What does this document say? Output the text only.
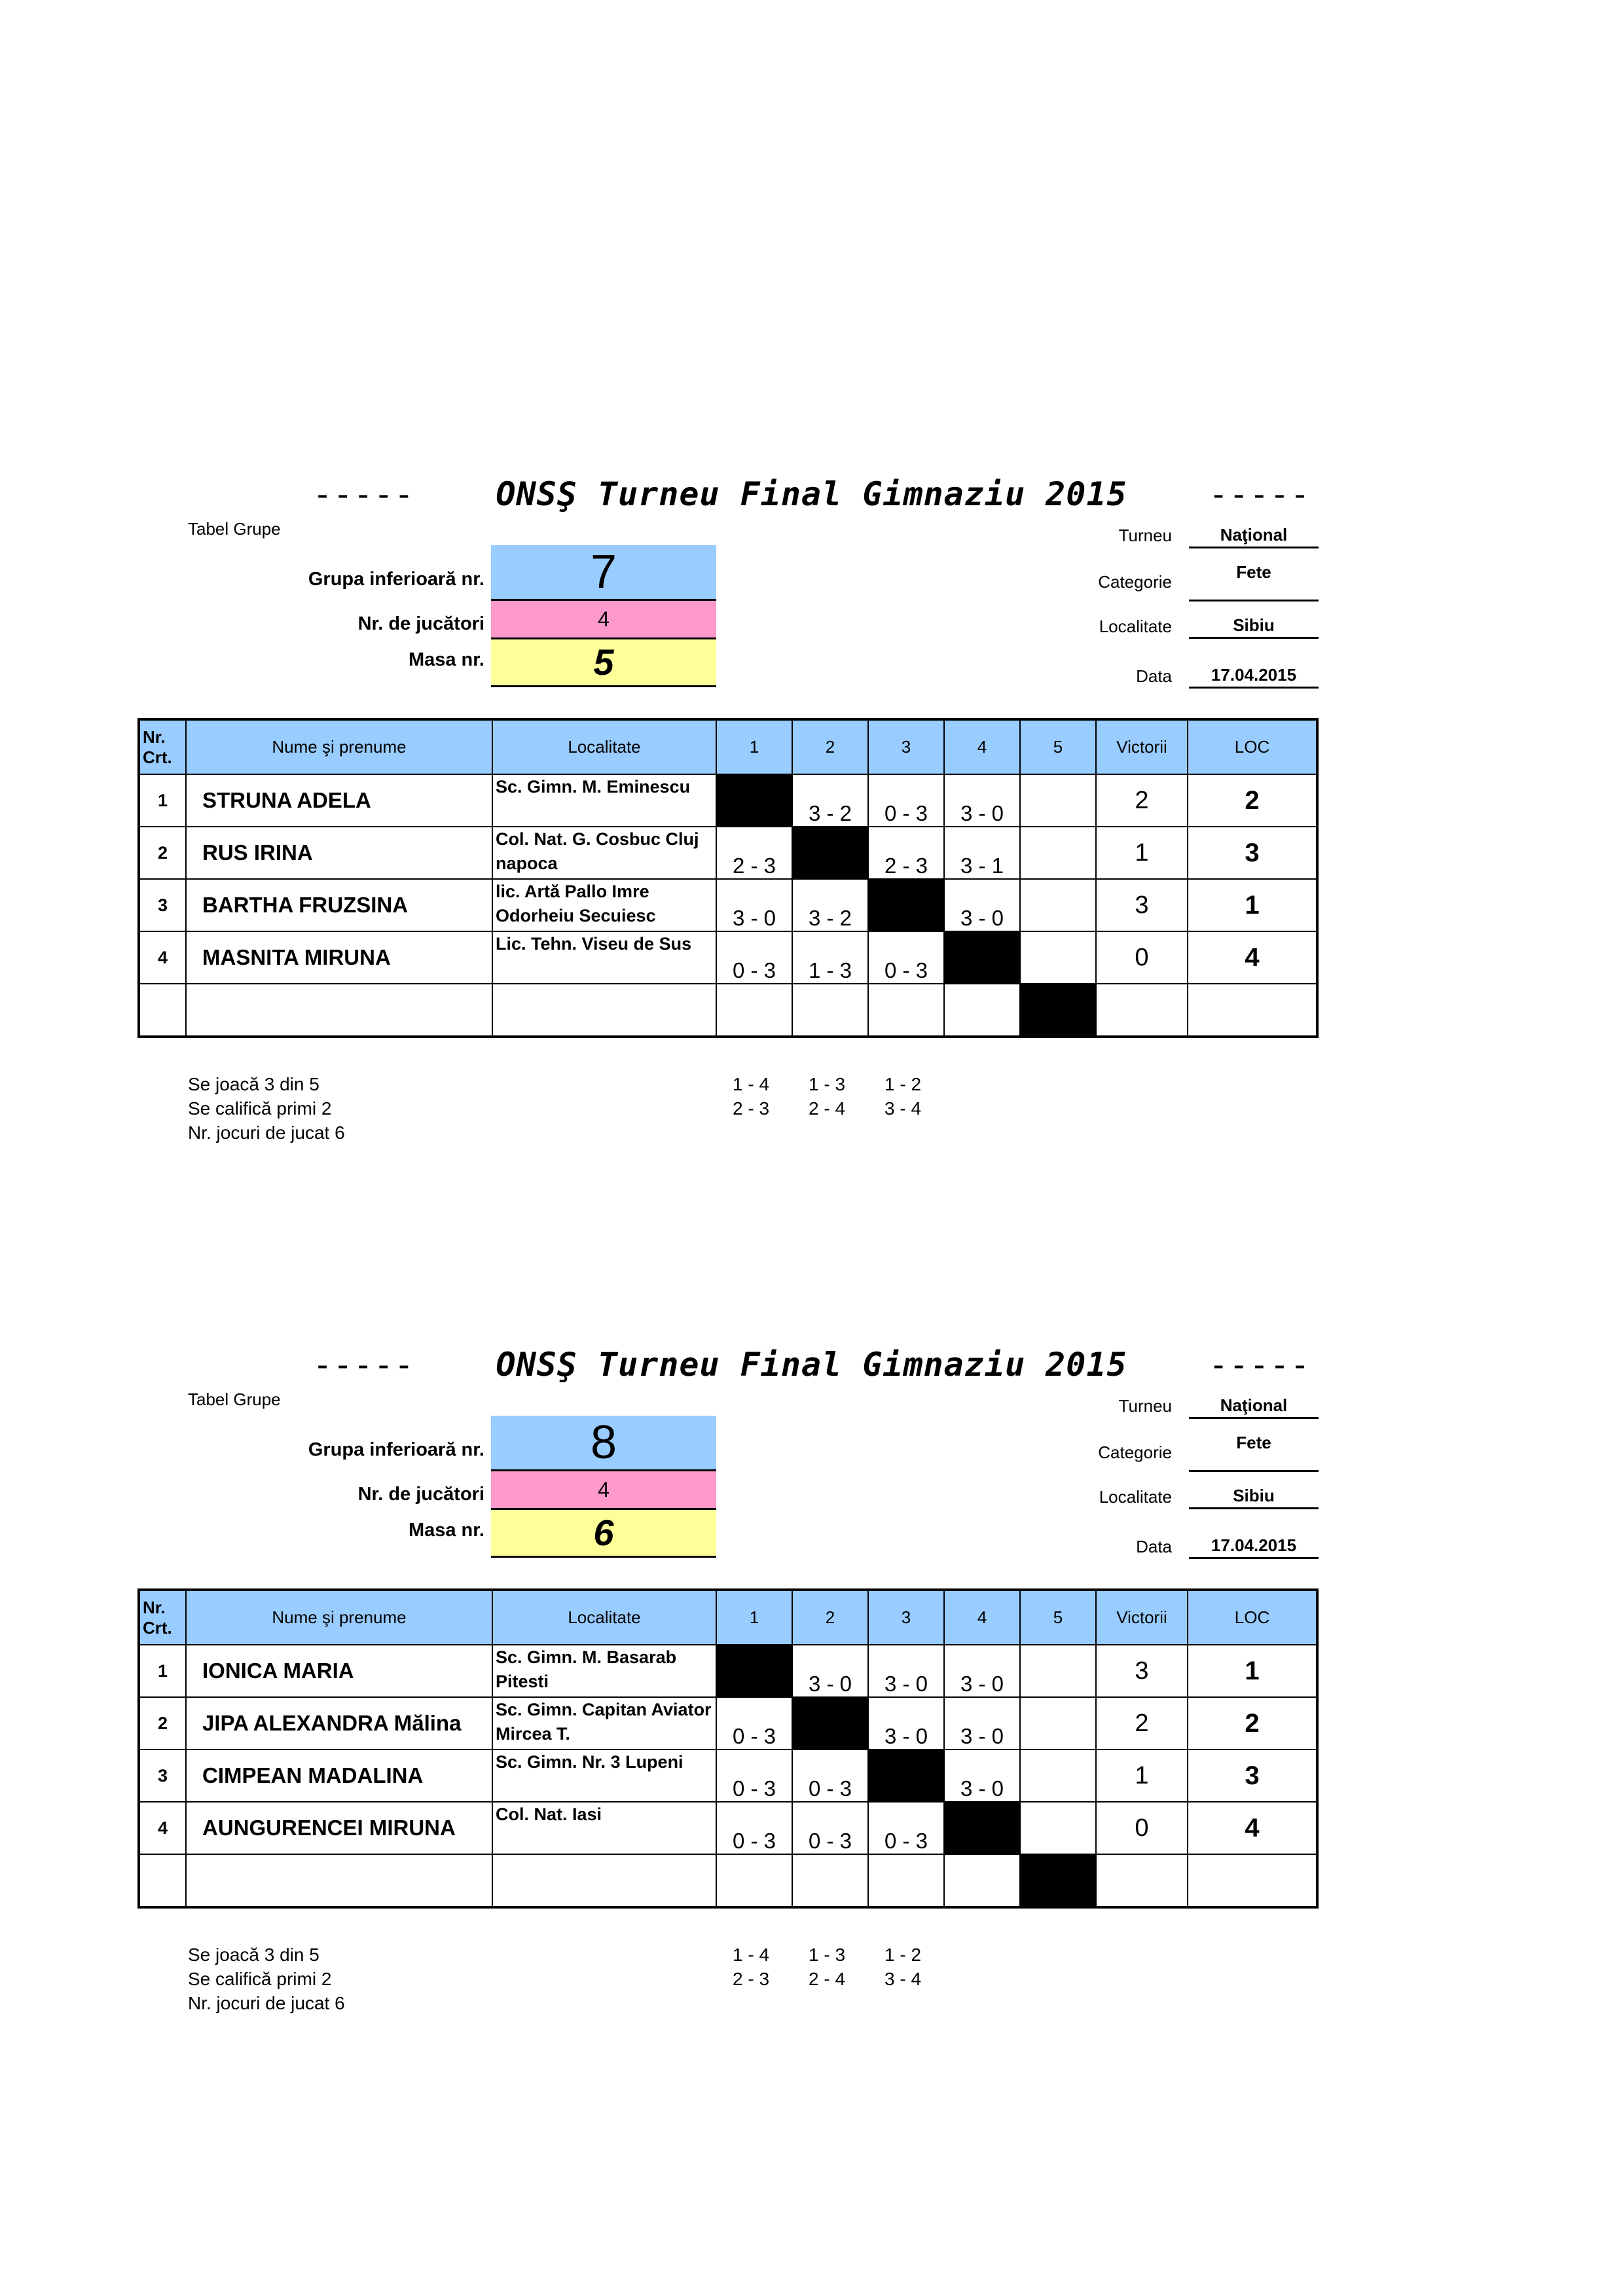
----- ONSŞ Turneu Final Gimnaziu 2015 -----
Tabel Grupe
Grupa inferioară nr.	7
Nr. de jucători	4
Masa nr.	5
Turneu	Naţional
Categorie	Fete
Localitate	Sibiu
Data	17.04.2015
Nr. Crt.	Nume şi prenume	Localitate	1	2	3	4	5	Victorii	LOC
1	STRUNA ADELA	Sc. Gimn. M. Eminescu		3 - 2	0 - 3	3 - 0		2	2
2	RUS IRINA	Col. Nat. G. Cosbuc Cluj napoca	2 - 3		2 - 3	3 - 1		1	3
3	BARTHA FRUZSINA	lic. Artă Pallo Imre Odorheiu Secuiesc	3 - 0	3 - 2		3 - 0		3	1
4	MASNITA MIRUNA	Lic. Tehn. Viseu de Sus	0 - 3	1 - 3	0 - 3			0	4

Se joacă 3 din 5
Se califică primi 2
Nr. jocuri de jucat 6
1 - 4 1 - 3 1 - 2
2 - 3 2 - 4 3 - 4
----- ONSŞ Turneu Final Gimnaziu 2015 -----
Tabel Grupe
Grupa inferioară nr.	8
Nr. de jucători	4
Masa nr.	6
Turneu	Naţional
Categorie	Fete
Localitate	Sibiu
Data	17.04.2015
Nr. Crt.	Nume şi prenume	Localitate	1	2	3	4	5	Victorii	LOC
1	IONICA MARIA	Sc. Gimn. M. Basarab Pitesti		3 - 0	3 - 0	3 - 0		3	1
2	JIPA ALEXANDRA Mălina	Sc. Gimn. Capitan Aviator Mircea T.	0 - 3		3 - 0	3 - 0		2	2
3	CIMPEAN MADALINA	Sc. Gimn. Nr. 3 Lupeni	0 - 3	0 - 3		3 - 0		1	3
4	AUNGURENCEI MIRUNA	Col. Nat. Iasi	0 - 3	0 - 3	0 - 3			0	4

Se joacă 3 din 5
Se califică primi 2
Nr. jocuri de jucat 6
1 - 4 1 - 3 1 - 2
2 - 3 2 - 4 3 - 4
